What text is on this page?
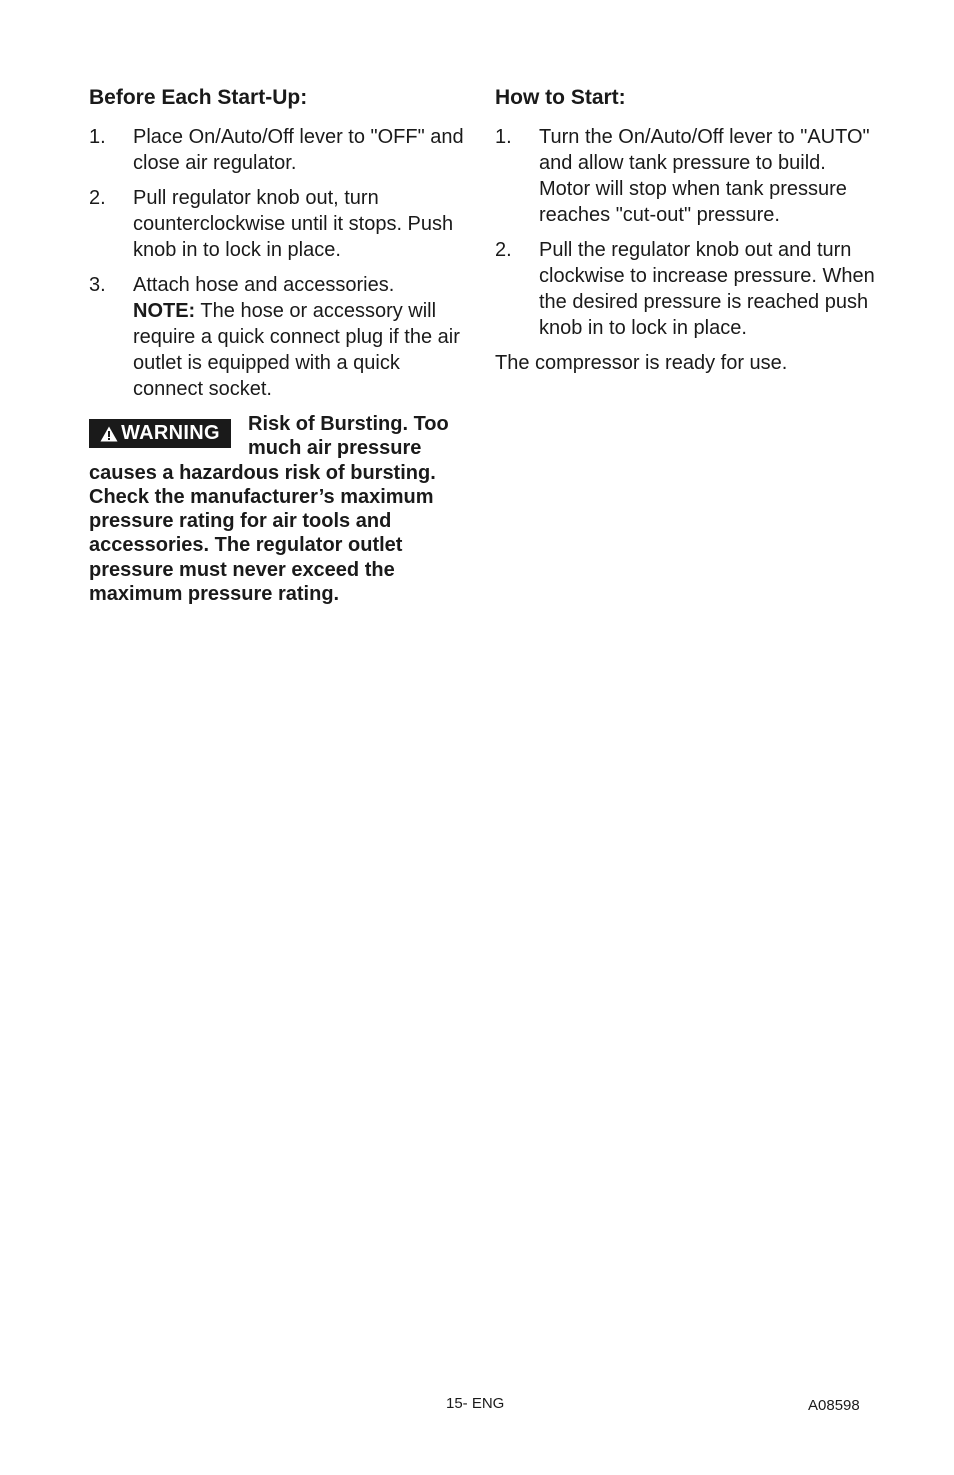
Before Each Start-Up:
1. Place On/Auto/Off lever to "OFF" and close air regulator.
2. Pull regulator knob out, turn counterclockwise until it stops. Push knob in to lock in place.
3. Attach hose and accessories.
NOTE: The hose or accessory will require a quick connect plug if the air outlet is equipped with a quick connect socket.
WARNING Risk of Bursting. Too much air pressure causes a hazardous risk of bursting. Check the manufacturer’s maximum pressure rating for air tools and accessories. The regulator outlet pressure must never exceed the maximum pressure rating.
How to Start:
1. Turn the On/Auto/Off lever to "AUTO" and allow tank pressure to build. Motor will stop when tank pressure reaches "cut-out" pressure.
2. Pull the regulator knob out and turn clockwise to increase pressure. When the desired pressure is reached push knob in to lock in place.

The compressor is ready for use.

15- ENG	A08598
